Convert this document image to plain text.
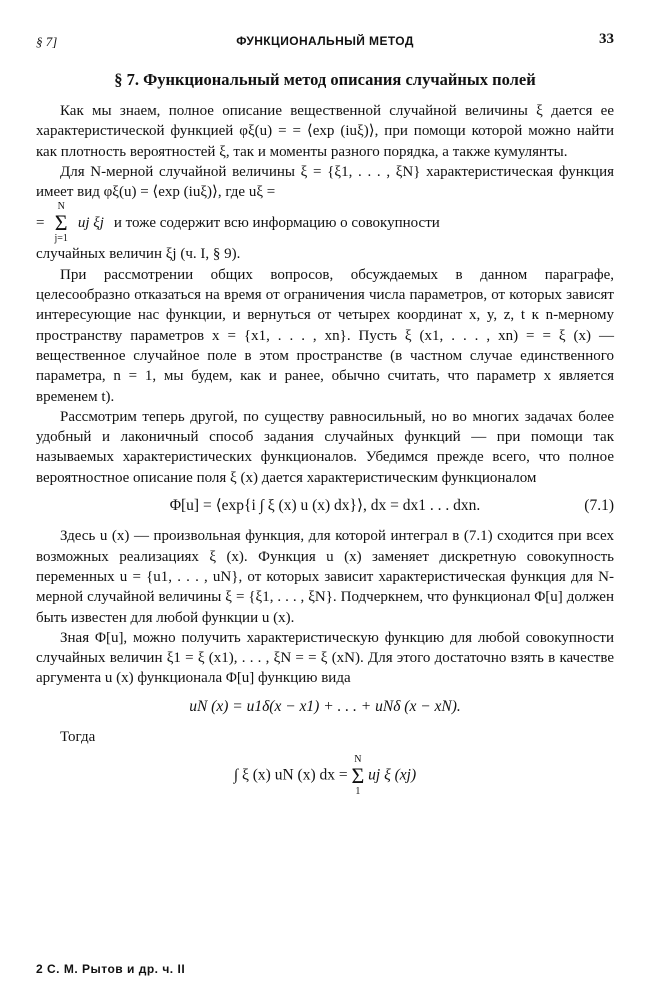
§ 7]	ФУНКЦИОНАЛЬНЫЙ МЕТОД	33
§ 7. Функциональный метод описания случайных полей

Как мы знаем, полное описание вещественной случайной величины ξ дается ее характеристической функцией φξ(u) = = ⟨exp (iuξ)⟩, при помощи которой можно найти как плотность вероятностей ξ, так и моменты разного порядка, а также кумулянты.

Для N-мерной случайной величины ξ = {ξ1, . . . , ξN} характеристическая функция имеет вид φξ(u) = ⟨exp (iuξ)⟩, где uξ =

=
N
Σ
j=1
uj ξj и тоже содержит всю информацию о совокупности

случайных величин ξj (ч. I, § 9).

При рассмотрении общих вопросов, обсуждаемых в данном параграфе, целесообразно отказаться на время от ограничения числа параметров, от которых зависят интересующие нас функции, и вернуться от четырех координат x, y, z, t к n-мерному пространству параметров x = {x1, . . . , xn}. Пусть ξ (x1, . . . , xn) = = ξ (x) — вещественное случайное поле в этом пространстве (в частном случае единственного параметра, n = 1, мы будем, как и ранее, обычно считать, что параметр x является временем t).

Рассмотрим теперь другой, по существу равносильный, но во многих задачах более удобный и лаконичный способ задания случайных функций — при помощи так называемых характеристических функционалов. Убедимся прежде всего, что полное вероятностное описание поля ξ (x) дается характеристическим функционалом

Φ[u] = ⟨exp{i ∫ ξ (x) u (x) dx}⟩, dx = dx1 . . . dxn.	(7.1)

Здесь u (x) — произвольная функция, для которой интеграл в (7.1) сходится при всех возможных реализациях ξ (x). Функция u (x) заменяет дискретную совокупность переменных u = {u1, . . . , uN}, от которых зависит характеристическая функция для N-мерной случайной величины ξ = {ξ1, . . . , ξN}. Подчеркнем, что функционал Φ[u] должен быть известен для любой функции u (x).

Зная Φ[u], можно получить характеристическую функцию для любой совокупности случайных величин ξ1 = ξ (x1), . . . , ξN = = ξ (xN). Для этого достаточно взять в качестве аргумента u (x) функционала Φ[u] функцию вида

uN (x) = u1δ(x − x1) + . . . + uNδ (x − xN).

Тогда

∫ ξ (x) uN (x) dx =
N
Σ
1
uj ξ (xj)
2 С. М. Рытов и др. ч. II
